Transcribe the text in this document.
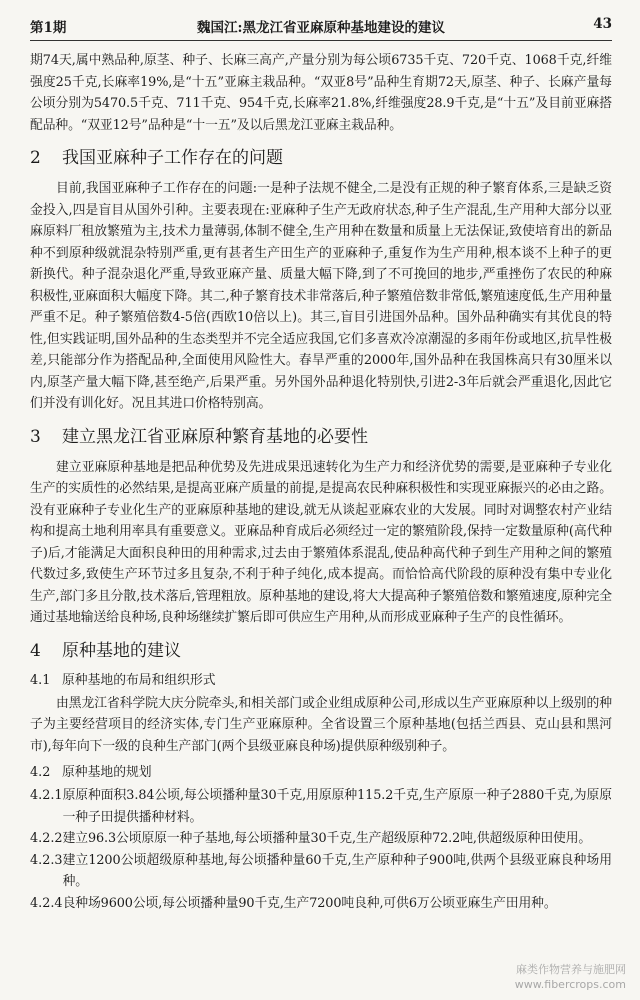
第1期	魏国江:黑龙江省亚麻原种基地建设的建议	43

期74天,属中熟品种,原茎、种子、长麻三高产,产量分别为每公顷6735千克、720千克、1068千克,纤维强度25千克,长麻率19%,是“十五”亚麻主栽品种。“双亚8号”品种生育期72天,原茎、种子、长麻产量每公顷分别为5470.5千克、711千克、954千克,长麻率21.8%,纤维强度28.9千克,是“十五”及目前亚麻搭配品种。“双亚12号”品种是“十一五”及以后黑龙江亚麻主栽品种。

2 我国亚麻种子工作存在的问题

目前,我国亚麻种子工作存在的问题:一是种子法规不健全,二是没有正规的种子繁育体系,三是缺乏资金投入,四是盲目从国外引种。主要表现在:亚麻种子生产无政府状态,种子生产混乱,生产用种大部分以亚麻原料厂租放繁殖为主,技术力量薄弱,体制不健全,生产用种在数量和质量上无法保证,致使培育出的新品种不到原种级就混杂特别严重,更有甚者生产田生产的亚麻种子,重复作为生产用种,根本谈不上种子的更新换代。种子混杂退化严重,导致亚麻产量、质量大幅下降,到了不可挽回的地步,严重挫伤了农民的种麻积极性,亚麻面积大幅度下降。其二,种子繁育技术非常落后,种子繁殖倍数非常低,繁殖速度低,生产用种量严重不足。种子繁殖倍数4-5倍(西欧10倍以上)。其三,盲目引进国外品种。国外品种确实有其优良的特性,但实践证明,国外品种的生态类型并不完全适应我国,它们多喜欢冷凉潮湿的多雨年份或地区,抗旱性极差,只能部分作为搭配品种,全面使用风险性大。春旱严重的2000年,国外品种在我国株高只有30厘米以内,原茎产量大幅下降,甚至绝产,后果严重。另外国外品种退化特别快,引进2-3年后就会严重退化,因此它们并没有训化好。况且其进口价格特别高。

3 建立黑龙江省亚麻原种繁育基地的必要性

建立亚麻原种基地是把品种优势及先进成果迅速转化为生产力和经济优势的需要,是亚麻种子专业化生产的实质性的必然结果,是提高亚麻产质量的前提,是提高农民种麻积极性和实现亚麻振兴的必由之路。没有亚麻种子专业化生产的亚麻原种基地的建设,就无从谈起亚麻农业的大发展。同时对调整农村产业结构和提高土地利用率具有重要意义。亚麻品种育成后必须经过一定的繁殖阶段,保持一定数量原种(高代种子)后,才能满足大面积良种田的用种需求,过去由于繁殖体系混乱,使品种高代种子到生产用种之间的繁殖代数过多,致使生产环节过多且复杂,不利于种子纯化,成本提高。而恰恰高代阶段的原种没有集中专业化生产,部门多且分散,技术落后,管理粗放。原种基地的建设,将大大提高种子繁殖倍数和繁殖速度,原种完全通过基地输送给良种场,良种场继续扩繁后即可供应生产用种,从而形成亚麻种子生产的良性循环。

4 原种基地的建议
4.1 原种基地的布局和组织形式

由黑龙江省科学院大庆分院牵头,和相关部门或企业组成原种公司,形成以生产亚麻原种以上级别的种子为主要经营项目的经济实体,专门生产亚麻原种。全省设置三个原种基地(包括兰西县、克山县和黑河市),每年向下一级的良种生产部门(两个县级亚麻良种场)提供原种级别种子。

4.2 原种基地的规划
4.2.1 原原种面积3.84公顷,每公顷播种量30千克,用原原种115.2千克,生产原原一种子2880千克,为原原一种子田提供播种材料。

4.2.2 建立96.3公顷原原一种子基地,每公顷播种量30千克,生产超级原种72.2吨,供超级原种田使用。

4.2.3 建立1200公顷超级原种基地,每公顷播种量60千克,生产原种种子900吨,供两个县级亚麻良种场用种。

4.2.4 良种场9600公顷,每公顷播种量90千克,生产7200吨良种,可供6万公顷亚麻生产田用种。

麻类作物营养与施肥网
www.fibercrops.com
